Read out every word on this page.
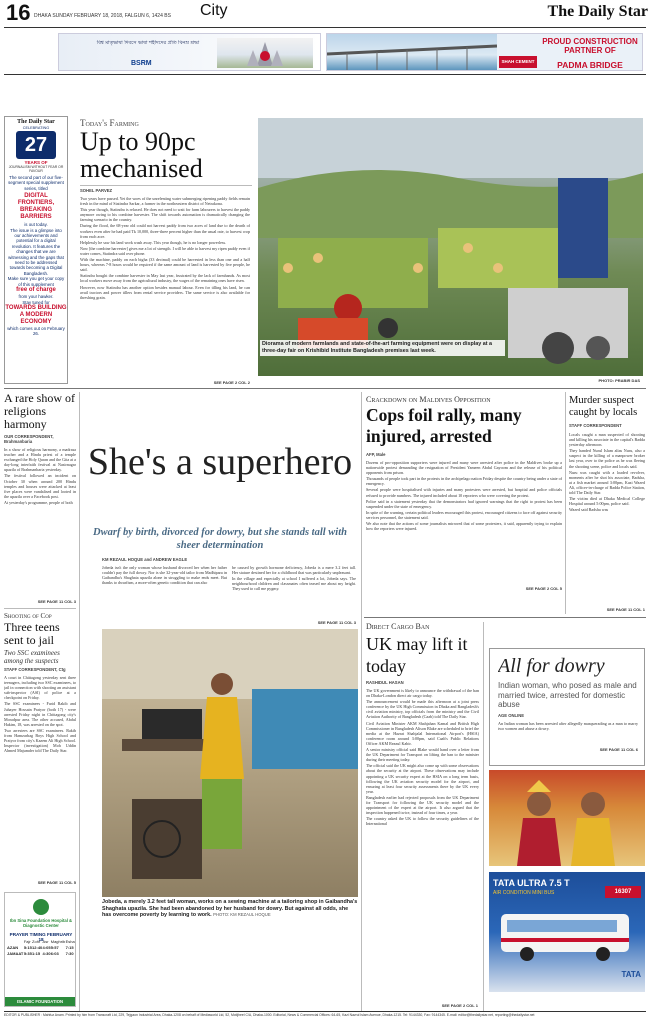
16 DHAKA SUNDAY FEBRUARY 18, 2018, FALGUN 6, 1424 BS	City	The Daily Star
বিশ্ব মাতৃভাষা দিবসে ভাষা শহীদদের প্রতি বিনম্র শ্রদ্ধা
BSRM	SHAH CEMENT
PROUD CONSTRUCTION PARTNER OF
PADMA BRIDGE
The Daily Star
CELEBRATING
27
YEARS OF
JOURNALISM WITHOUT FEAR OR FAVOUR
The second part of our five-segment special supplement series, titled
DIGITAL FRONTIERS, BREAKING BARRIERS
is out today.
The issue is a glimpse into our achievements and potential for a digital revolution. It features the changes that we are witnessing and the gaps that need to be addressed towards becoming a Digital Bangladesh.
Make sure you get your copy of this supplement
free of charge
from your hawker.
Stay tuned for
TOWARDS BUILDING A MODERN ECONOMY
which comes out on February 26.
Today's Farming
Up to 90pc mechanised
SOHEL PARVEZ

Two years have passed. Yet the woes of the unrelenting water submerging ripening paddy fields remain fresh in the mind of Statindra Sarkar, a farmer in the northeastern district of Netrakona.

This year though, Statindra is relaxed. He does not need to wait for farm labourers to harvest the paddy anymore owing to his combine harvester. The shift towards automation is dramatically changing the farming scenario in the country.

During the flood, the 68-year old could not harvest paddy from two acres of land due to the dearth of workers even after he had paid Tk 10,000, three-three percent higher than the usual rate, to harvest crop from each acre.

Helplessly he saw his land work wash away. This year though, he is no longer powerless.

Now [the combine harvester] gives me a lot of strength. I will be able to harvest my ripen paddy even if water comes, Statindra said over phone.

With the machine, paddy on each bigha (33 decimal) could be harvested in less than one and a half hours, whereas 7-8 hours would be required if the same amount of land is harvested by five people, he said.

Statindra bought the combine harvester in May last year, frustrated by the lack of farmhands. As most local workers move away from the agricultural industry, the wages of the remaining ones have risen.

However, now Statindra has another option besides manual labour. Even for tilling his land, he can avail tractors and power tillers from rental service providers. The same service is also available for threshing grain.

SEE PAGE 2 COL 2
Diorama of modern farmlands and state-of-the-art farming equipment were on display at a three-day fair on Krishibid Institute Bangladesh premises last week.
PHOTO: PRABIR DAS
A rare show of religions harmony
OUR CORRESPONDENT, Brahmanbaria

In a show of religious harmony, a madrasa teacher and a Hindu priest of a temple exchanged the Holy Quran and the Gita at a day-long interfaith festival at Nasirnagar upazila of Brahmanbaria yesterday.

The festival followed an incident on October 30 when around 200 Hindu temples and houses were attacked at least five places were vandalised and looted in the upazila over a Facebook post.

At yesterday's programme, people of both

SEE PAGE 11 COL 3
Shooting of Cop
Three teens sent to jail
Two SSC examinees among the suspects
STAFF CORRESPONDENT, Ctg

A court in Chittagong yesterday sent three teenagers, including two SSC examinees, to jail in connection with shooting an assistant sub-inspector (ASI) of police at a checkpoint on Friday.

The SSC examinees - Farid Rakib and Juhayer Hossain Pratyor (both 17) - were arrested Friday night in Chittagong city's Moradpur area. The other accused, Abdul Hakim, 18, was arrested on the spot.

Two arrestees are SSC examinees. Rakib from Hamzarbag Boys High School and Pratyor from city's Kazem Ali High School. Inspector (investigation) Moh Uddin Ahmed Majumder told The Daily Star.

SEE PAGE 11 COL 5
Ibn Sina Foundation Hospital & Diagnostic Center
PRAYER TIMING FEBRUARY 18
	Fajr	Zohr	Asr	Maghrib	Esha
AZAN	5:15	12:40	4:05	5:57	7:15
JAMAAT	5:35	1:15	4:30	6:03	7:30
ISLAMIC FOUNDATION
She's a superhero
Dwarf by birth, divorced for dowry, but she stands tall with sheer determination
KM REZAUL HOQUE and ANDREW EAGLE
Jobeda isn't the only woman whose husband divorced her when her father couldn't pay the full dowry. Nor is she 32-year-old tailor from Madhipara in Gaibandha's Shaghata upazila alone in struggling to make ends meet. But thanks to dwarfism, a more-often genetic condition that can also

be caused by growth hormone deficiency, Jobeda is a mere 3.2 feet tall. Her stature destined her for a childhood that was particularly unpleasant.

In the village and especially at school I suffered a lot, Jobeda says. The neighbourhood children and classmates often teased me about my height. They used to call me pygmy.

SEE PAGE 11 COL 3
Jobeda, a merely 3.2 feet tall woman, works on a sewing machine at a tailoring shop in Gaibandha's Shaghata upazila. She had been abandoned by her husband for dowry. But against all odds, she has overcome poverty by learning to work. PHOTO: KM REZAUL HOQUE
Crackdown on Maldives Opposition
Cops foil rally, many injured, arrested
AFP, Male

Dozens of pro-opposition supporters were injured and many were arrested after police in the Maldives broke up a nationwide protest demanding the resignation of President Yameen Abdul Gayoom and the release of his political opponents from prison.

Thousands of people took part in the protests in the archipelago nation Friday despite the country being under a state of emergency.

Several people were hospitalised with injuries and many protesters were arrested, but hospital and police officials refused to provide numbers. The injured included about 10 reporters who were covering the protest.

Police said in a statement yesterday that the demonstrators had ignored warnings that the right to protest has been suspended under the state of emergency.

In spite of the warning, certain political leaders encouraged this protest, encouraged citizens to face off against security services personnel, the statement said.

We also note that the actions of some journalists mirrored that of some protesters, it said, apparently trying to explain how the reporters were injured.

SEE PAGE 2 COL 5
Murder suspect caught by locals
STAFF CORRESPONDENT

Locals caught a man suspected of shooting and killing his associate in the capital's Badda yesterday afternoon.

They handed Nurul Islam alias Nuru, also a suspect in the killing of a manpower broker last year, over to the police as he was fleeing the shooting scene, police and locals said.

Nuru was caught with a loaded revolver, moments after he shot his associate, Badsha, at a fish market around 3:00pm, Kazi Wazed Ali, officer-in-charge of Badda Police Station, told The Daily Star.

The victim died at Dhaka Medical College Hospital around 5:00pm, police said.

Wazed said Badsha was

SEE PAGE 11 COL 1
Direct Cargo Ban
UK may lift it today
RASHIDUL HASAN

The UK government is likely to announce the withdrawal of the ban on Dhaka-London direct air cargo today.

The announcement would be made this afternoon at a joint press conference by the UK High Commission in Dhaka and Bangladesh's civil aviation ministry, top officials from the ministry and the Civil Aviation Authority of Bangladesh (Caab) told The Daily Star.

Civil Aviation Minister AKM Shahjahan Kamal and British High Commissioner in Bangladesh Alison Blake are scheduled to brief the media at the Hazrat Shahjalal International Airport's (HSIA) conference room around 3:00pm, said Caab's Public Relations Officer AKM Reazul Kabir.

A senior ministry official said Blake would hand over a letter from the UK Department for Transport on lifting the ban to the minister during their meeting today.

The official said the UK might also come up with some observations about the security at the airport. These observations may include appointing a UK security expert at the HSIA on a long term basis, following the UK aviation security model for the airport, and ensuring at least four security assessments there by the UK every year.

Bangladesh earlier had rejected proposals from the UK Department for Transport for following the UK security model and the appointment of the expert at the airport. It also argued that the inspection happened twice, instead of four times, a year.

The country asked the UK to follow the security guidelines of the International

SEE PAGE 2 COL 1
All for dowry
Indian woman, who posed as male and married twice, arrested for domestic abuse
AGE ONLINE
An Indian woman has been arrested after allegedly masquerading as a man to marry two women and abuse a dowry.
SEE PAGE 11 COL 6
TATA ULTRA 7.5 T
AIR CONDITION MINI BUS	16307
TATA
EDITOR & PUBLISHER : Mahfuz Anam. Printed by him from Transcraft Ltd, 229, Tejgaon Industrial Area, Dhaka-1208 on behalf of Mediaworld Ltd, 52, Motijheel C/A, Dhaka-1000. Editorial, News & Commercial Offices: 64-65, Kazi Nazrul Islam Avenue, Dhaka-1215. Tel: 9144330, Fax: 9144345. E-mail: editor@thedailystar.net, reporting@thedailystar.net
